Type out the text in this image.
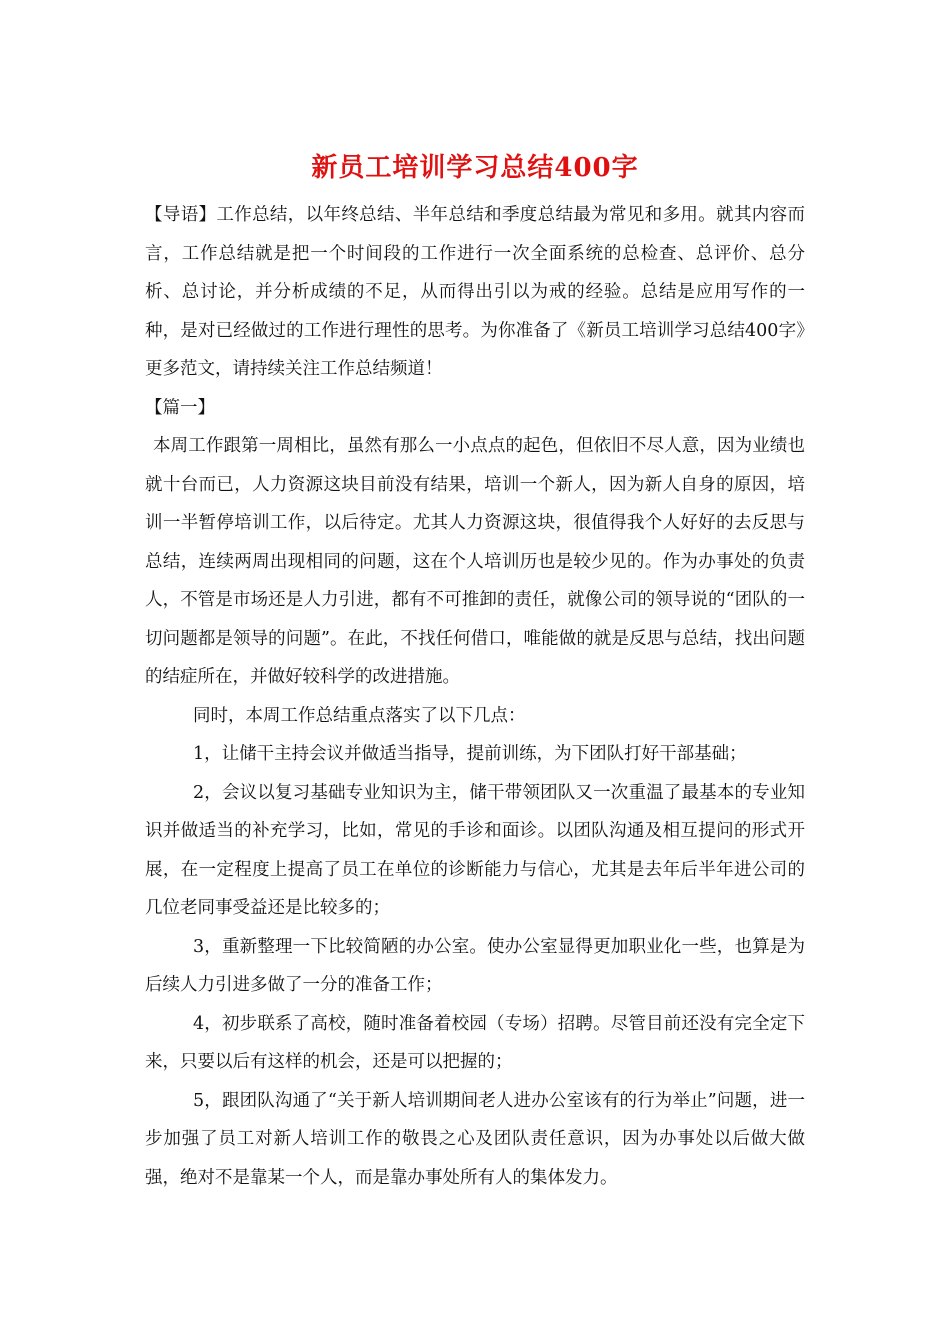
新员工培训学习总结400字

【导语】工作总结，以年终总结、半年总结和季度总结最为常见和多用。就其内容而言，工作总结就是把一个时间段的工作进行一次全面系统的总检查、总评价、总分析、总讨论，并分析成绩的不足，从而得出引以为戒的经验。总结是应用写作的一种，是对已经做过的工作进行理性的思考。为你准备了《新员工培训学习总结400字》更多范文，请持续关注工作总结频道！

【篇一】

本周工作跟第一周相比，虽然有那么一小点点的起色，但依旧不尽人意，因为业绩也就十台而已，人力资源这块目前没有结果，培训一个新人，因为新人自身的原因，培训一半暂停培训工作，以后待定。尤其人力资源这块，很值得我个人好好的去反思与总结，连续两周出现相同的问题，这在个人培训历也是较少见的。作为办事处的负责人，不管是市场还是人力引进，都有不可推卸的责任，就像公司的领导说的“团队的一切问题都是领导的问题”。在此，不找任何借口，唯能做的就是反思与总结，找出问题的结症所在，并做好较科学的改进措施。

同时，本周工作总结重点落实了以下几点：

1，让储干主持会议并做适当指导，提前训练，为下团队打好干部基础；

2，会议以复习基础专业知识为主，储干带领团队又一次重温了最基本的专业知识并做适当的补充学习，比如，常见的手诊和面诊。以团队沟通及相互提问的形式开展，在一定程度上提高了员工在单位的诊断能力与信心，尤其是去年后半年进公司的几位老同事受益还是比较多的；

3，重新整理一下比较简陋的办公室。使办公室显得更加职业化一些，也算是为后续人力引进多做了一分的准备工作；

4，初步联系了高校，随时准备着校园（专场）招聘。尽管目前还没有完全定下来，只要以后有这样的机会，还是可以把握的；

5，跟团队沟通了“关于新人培训期间老人进办公室该有的行为举止”问题，进一步加强了员工对新人培训工作的敬畏之心及团队责任意识，因为办事处以后做大做强，绝对不是靠某一个人，而是靠办事处所有人的集体发力。
